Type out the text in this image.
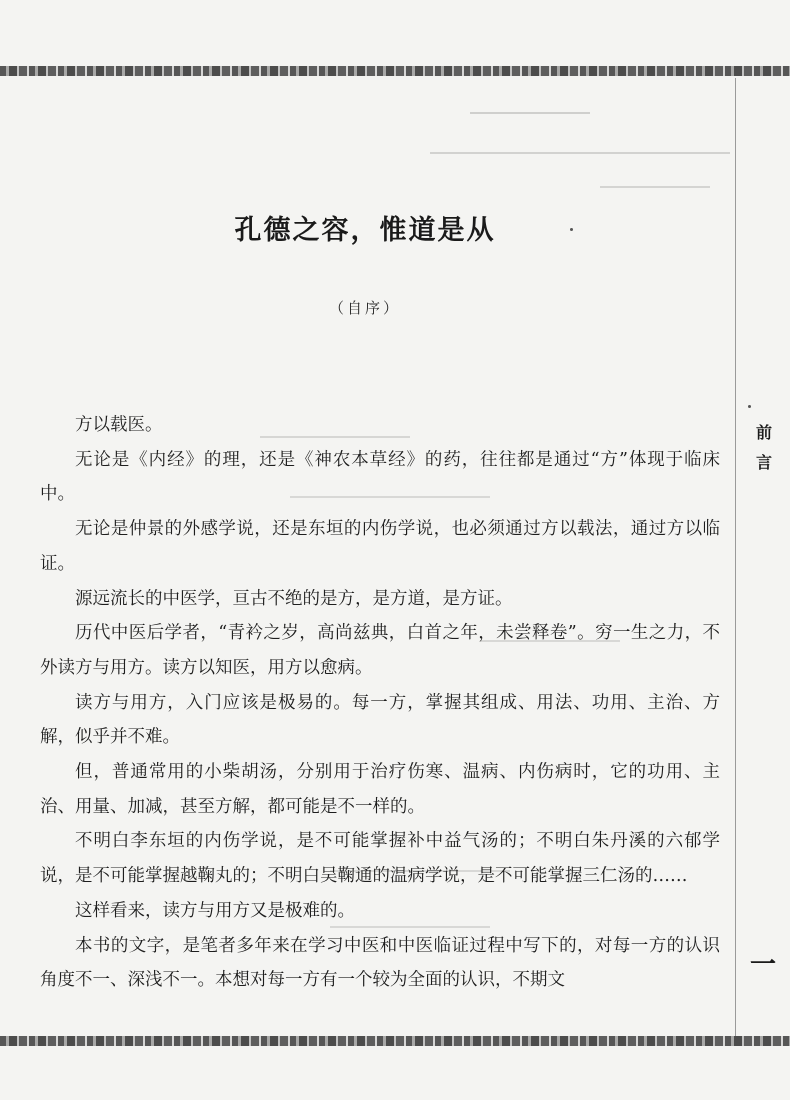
孔德之容，惟道是从
（自序）

方以载医。

无论是《内经》的理，还是《神农本草经》的药，往往都是通过“方”体现于临床中。

无论是仲景的外感学说，还是东垣的内伤学说，也必须通过方以载法，通过方以临证。

源远流长的中医学，亘古不绝的是方，是方道，是方证。

历代中医后学者，“青衿之岁，高尚兹典，白首之年，未尝释卷”。穷一生之力，不外读方与用方。读方以知医，用方以愈病。

读方与用方，入门应该是极易的。每一方，掌握其组成、用法、功用、主治、方解，似乎并不难。

但，普通常用的小柴胡汤，分别用于治疗伤寒、温病、内伤病时，它的功用、主治、用量、加减，甚至方解，都可能是不一样的。

不明白李东垣的内伤学说，是不可能掌握补中益气汤的；不明白朱丹溪的六郁学说，是不可能掌握越鞠丸的；不明白吴鞠通的温病学说，是不可能掌握三仁汤的……

这样看来，读方与用方又是极难的。

本书的文字，是笔者多年来在学习中医和中医临证过程中写下的，对每一方的认识角度不一、深浅不一。本想对每一方有一个较为全面的认识，不期文

前言
一
